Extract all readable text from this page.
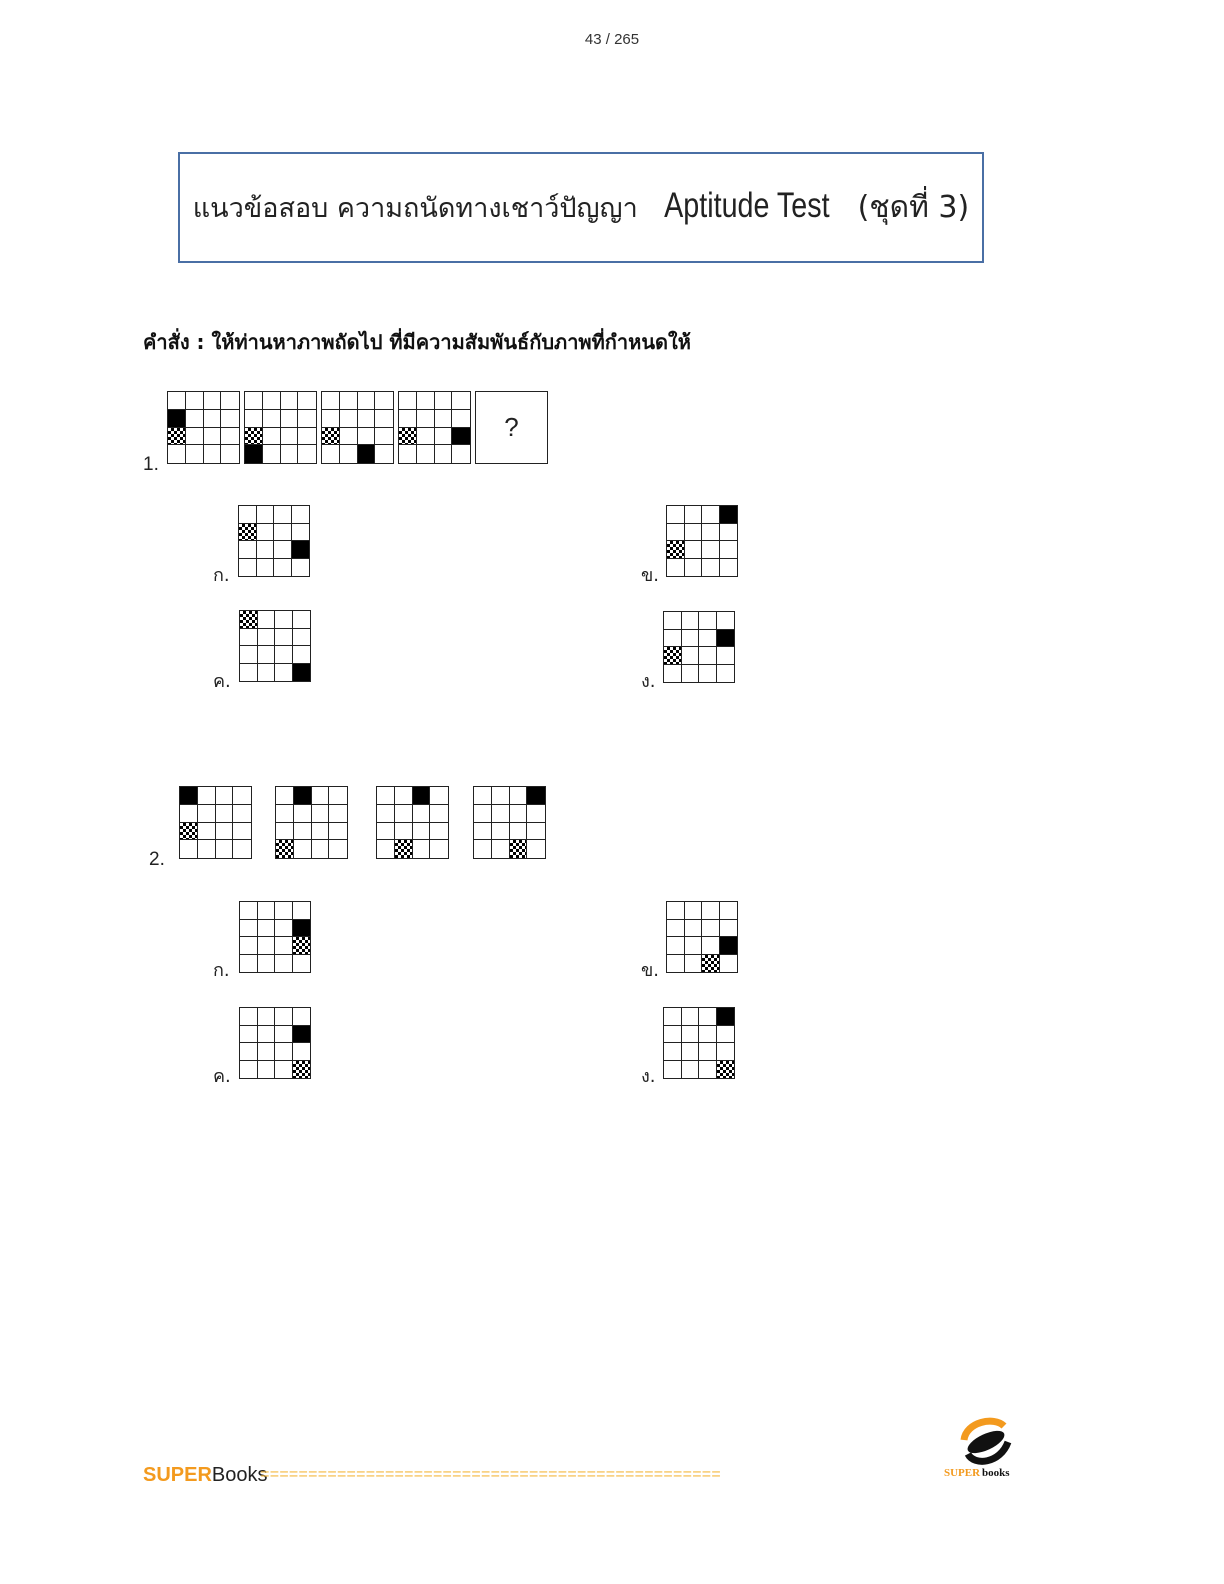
43 / 265
แนวข้อสอบ ความถนัดทางเชาว์ปัญญา Aptitude Test (ชุดที่ 3)
คำสั่ง : ให้ท่านหาภาพถัดไป ที่มีความสัมพันธ์กับภาพที่กำหนดให้
1.
?
ก.	ข.
ค.	ง.
2.
ก.	ข.
ค.	ง.
SUPERBooks
================================================	SUPER books
